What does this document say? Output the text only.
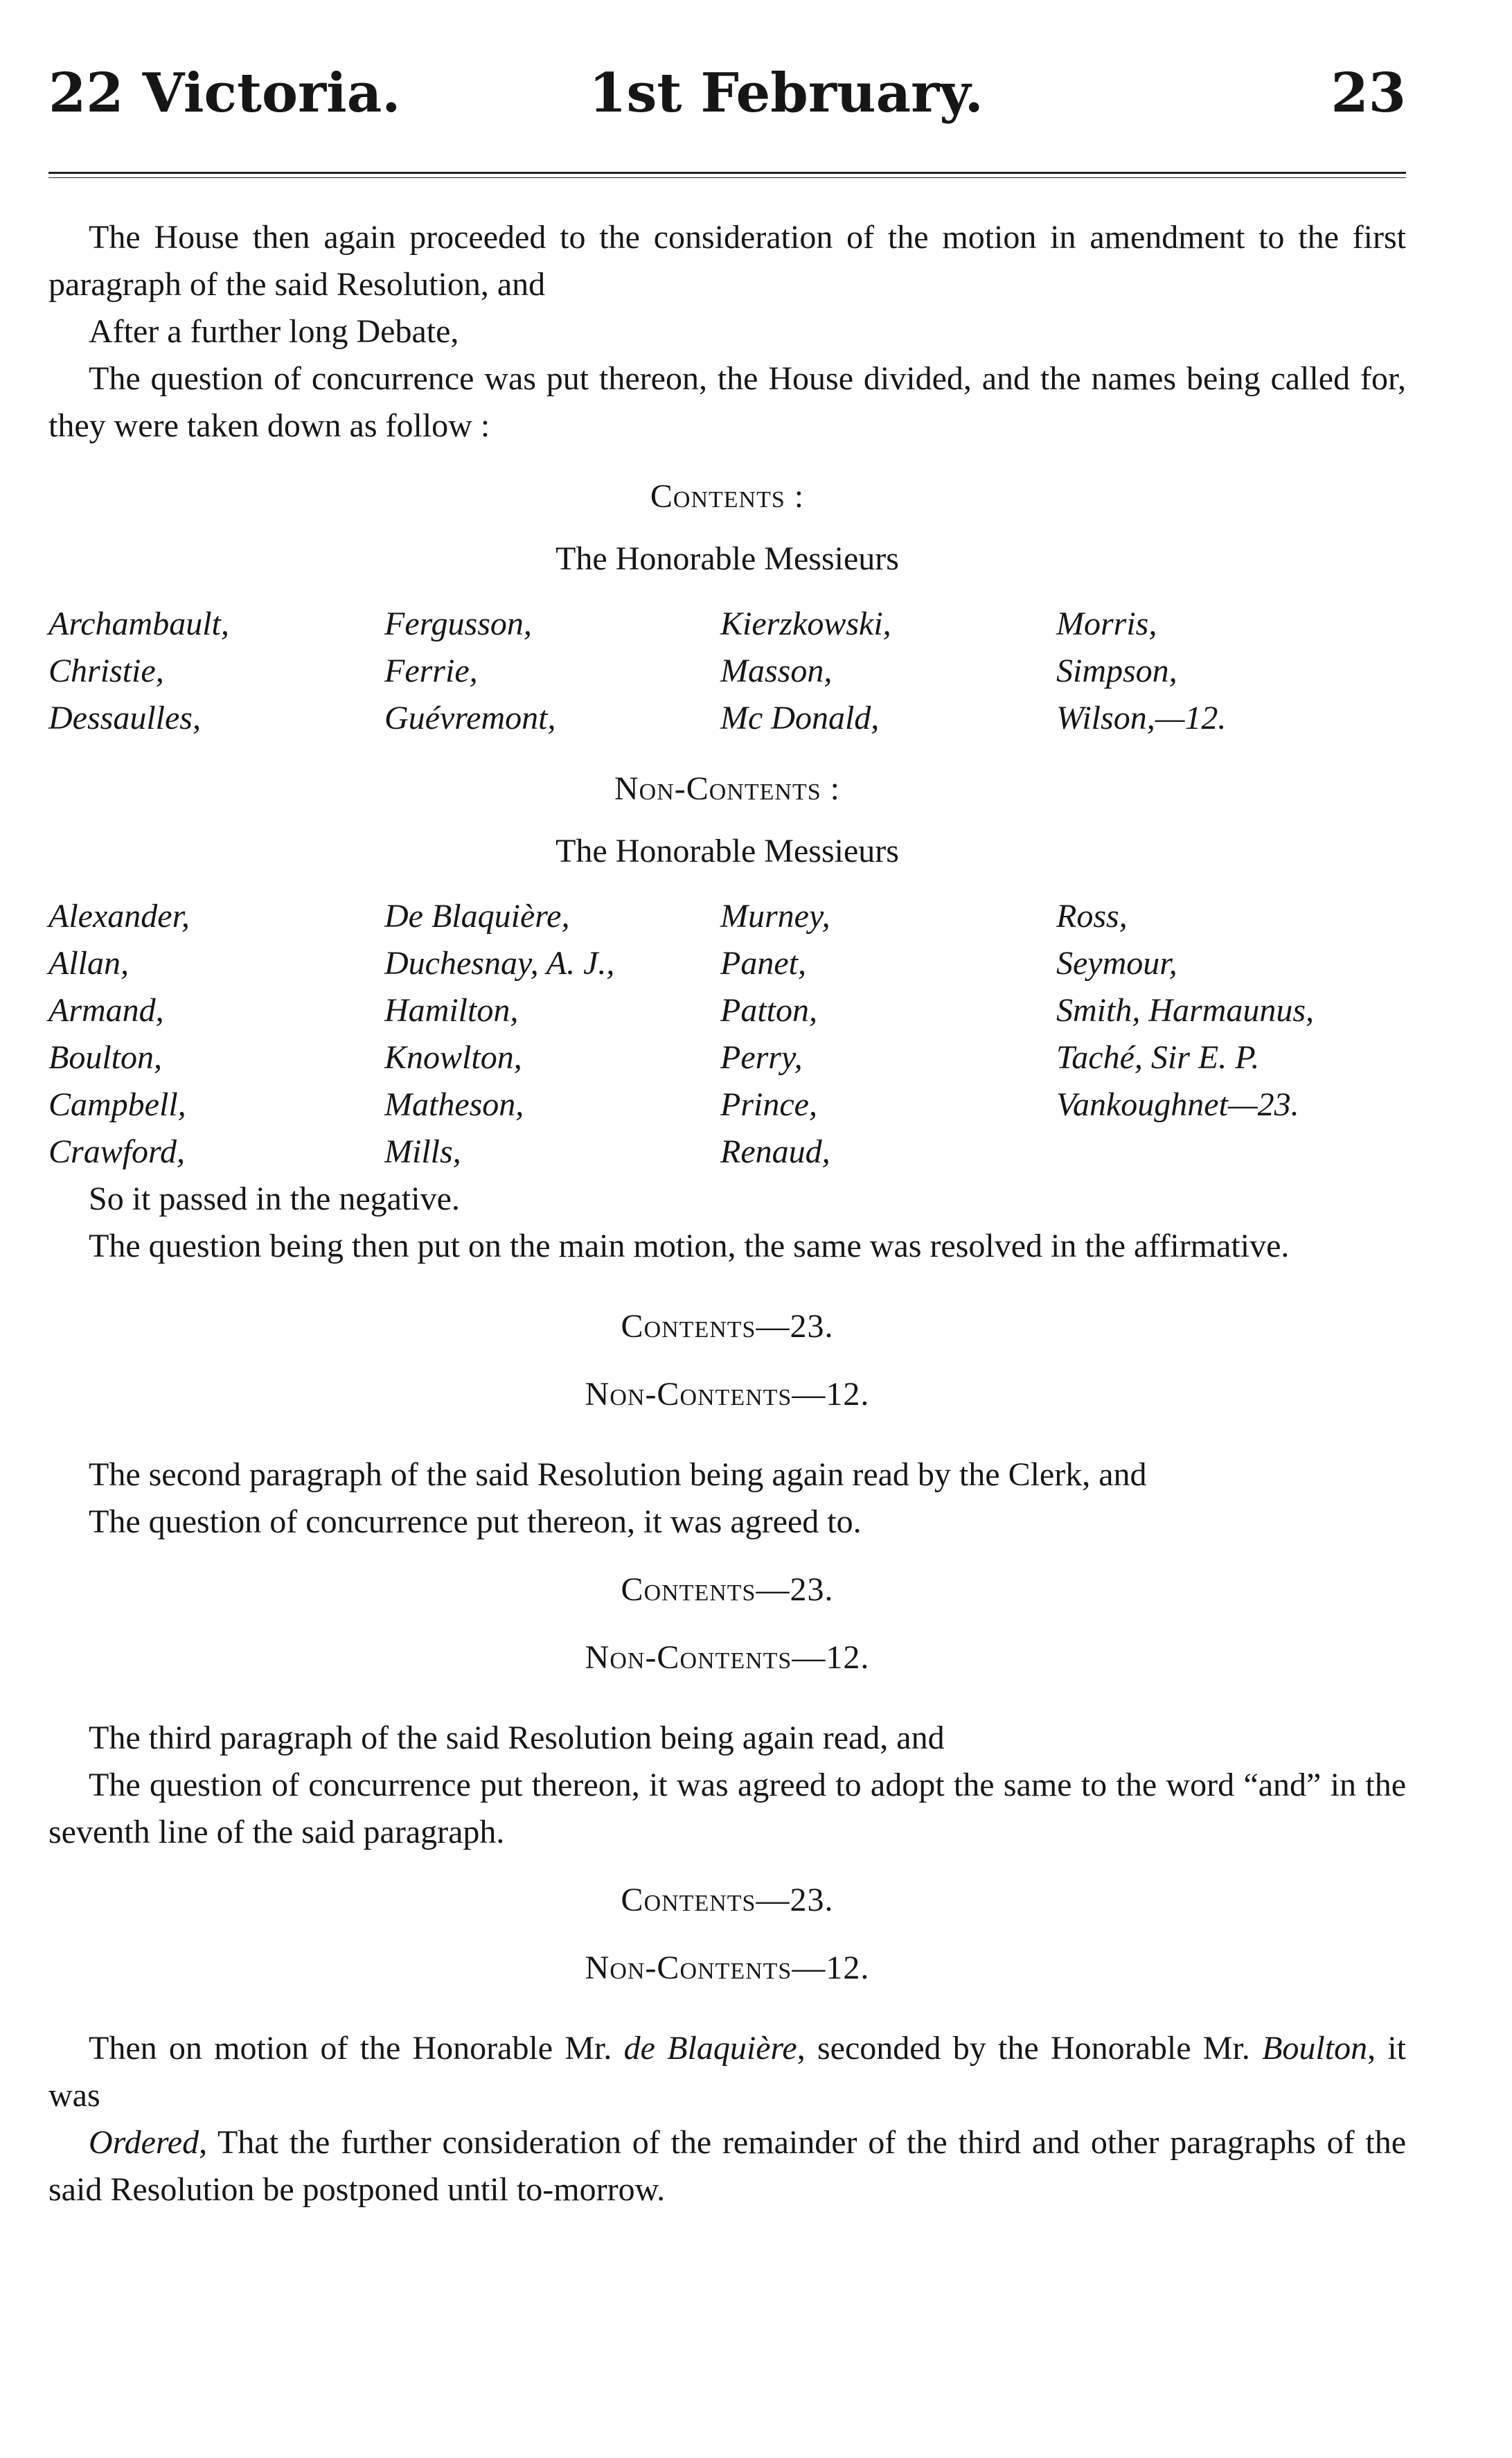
22 Victoria.	1st February.	23

The House then again proceeded to the consideration of the motion in amendment to the first paragraph of the said Resolution, and

After a further long Debate,

The question of concurrence was put thereon, the House divided, and the names being called for, they were taken down as follow :

Contents :

The Honorable Messieurs

Archambault,	Fergusson,	Kierzkowski,	Morris,
Christie,	Ferrie,	Masson,	Simpson,
Dessaulles,	Guévremont,	Mc Donald,	Wilson,—12.

Non-Contents :

The Honorable Messieurs

Alexander,	De Blaquière,	Murney,	Ross,
Allan,	Duchesnay, A. J.,	Panet,	Seymour,
Armand,	Hamilton,	Patton,	Smith, Harmaunus,
Boulton,	Knowlton,	Perry,	Taché, Sir E. P.
Campbell,	Matheson,	Prince,	Vankoughnet—23.
Crawford,	Mills,	Renaud,

So it passed in the negative.

The question being then put on the main motion, the same was resolved in the affirmative.

Contents—23.

Non-Contents—12.

The second paragraph of the said Resolution being again read by the Clerk, and

The question of concurrence put thereon, it was agreed to.

Contents—23.

Non-Contents—12.

The third paragraph of the said Resolution being again read, and

The question of concurrence put thereon, it was agreed to adopt the same to the word “and” in the seventh line of the said paragraph.

Contents—23.

Non-Contents—12.

Then on motion of the Honorable Mr. de Blaquière, seconded by the Honorable Mr. Boulton, it was

Ordered, That the further consideration of the remainder of the third and other paragraphs of the said Resolution be postponed until to-morrow.
